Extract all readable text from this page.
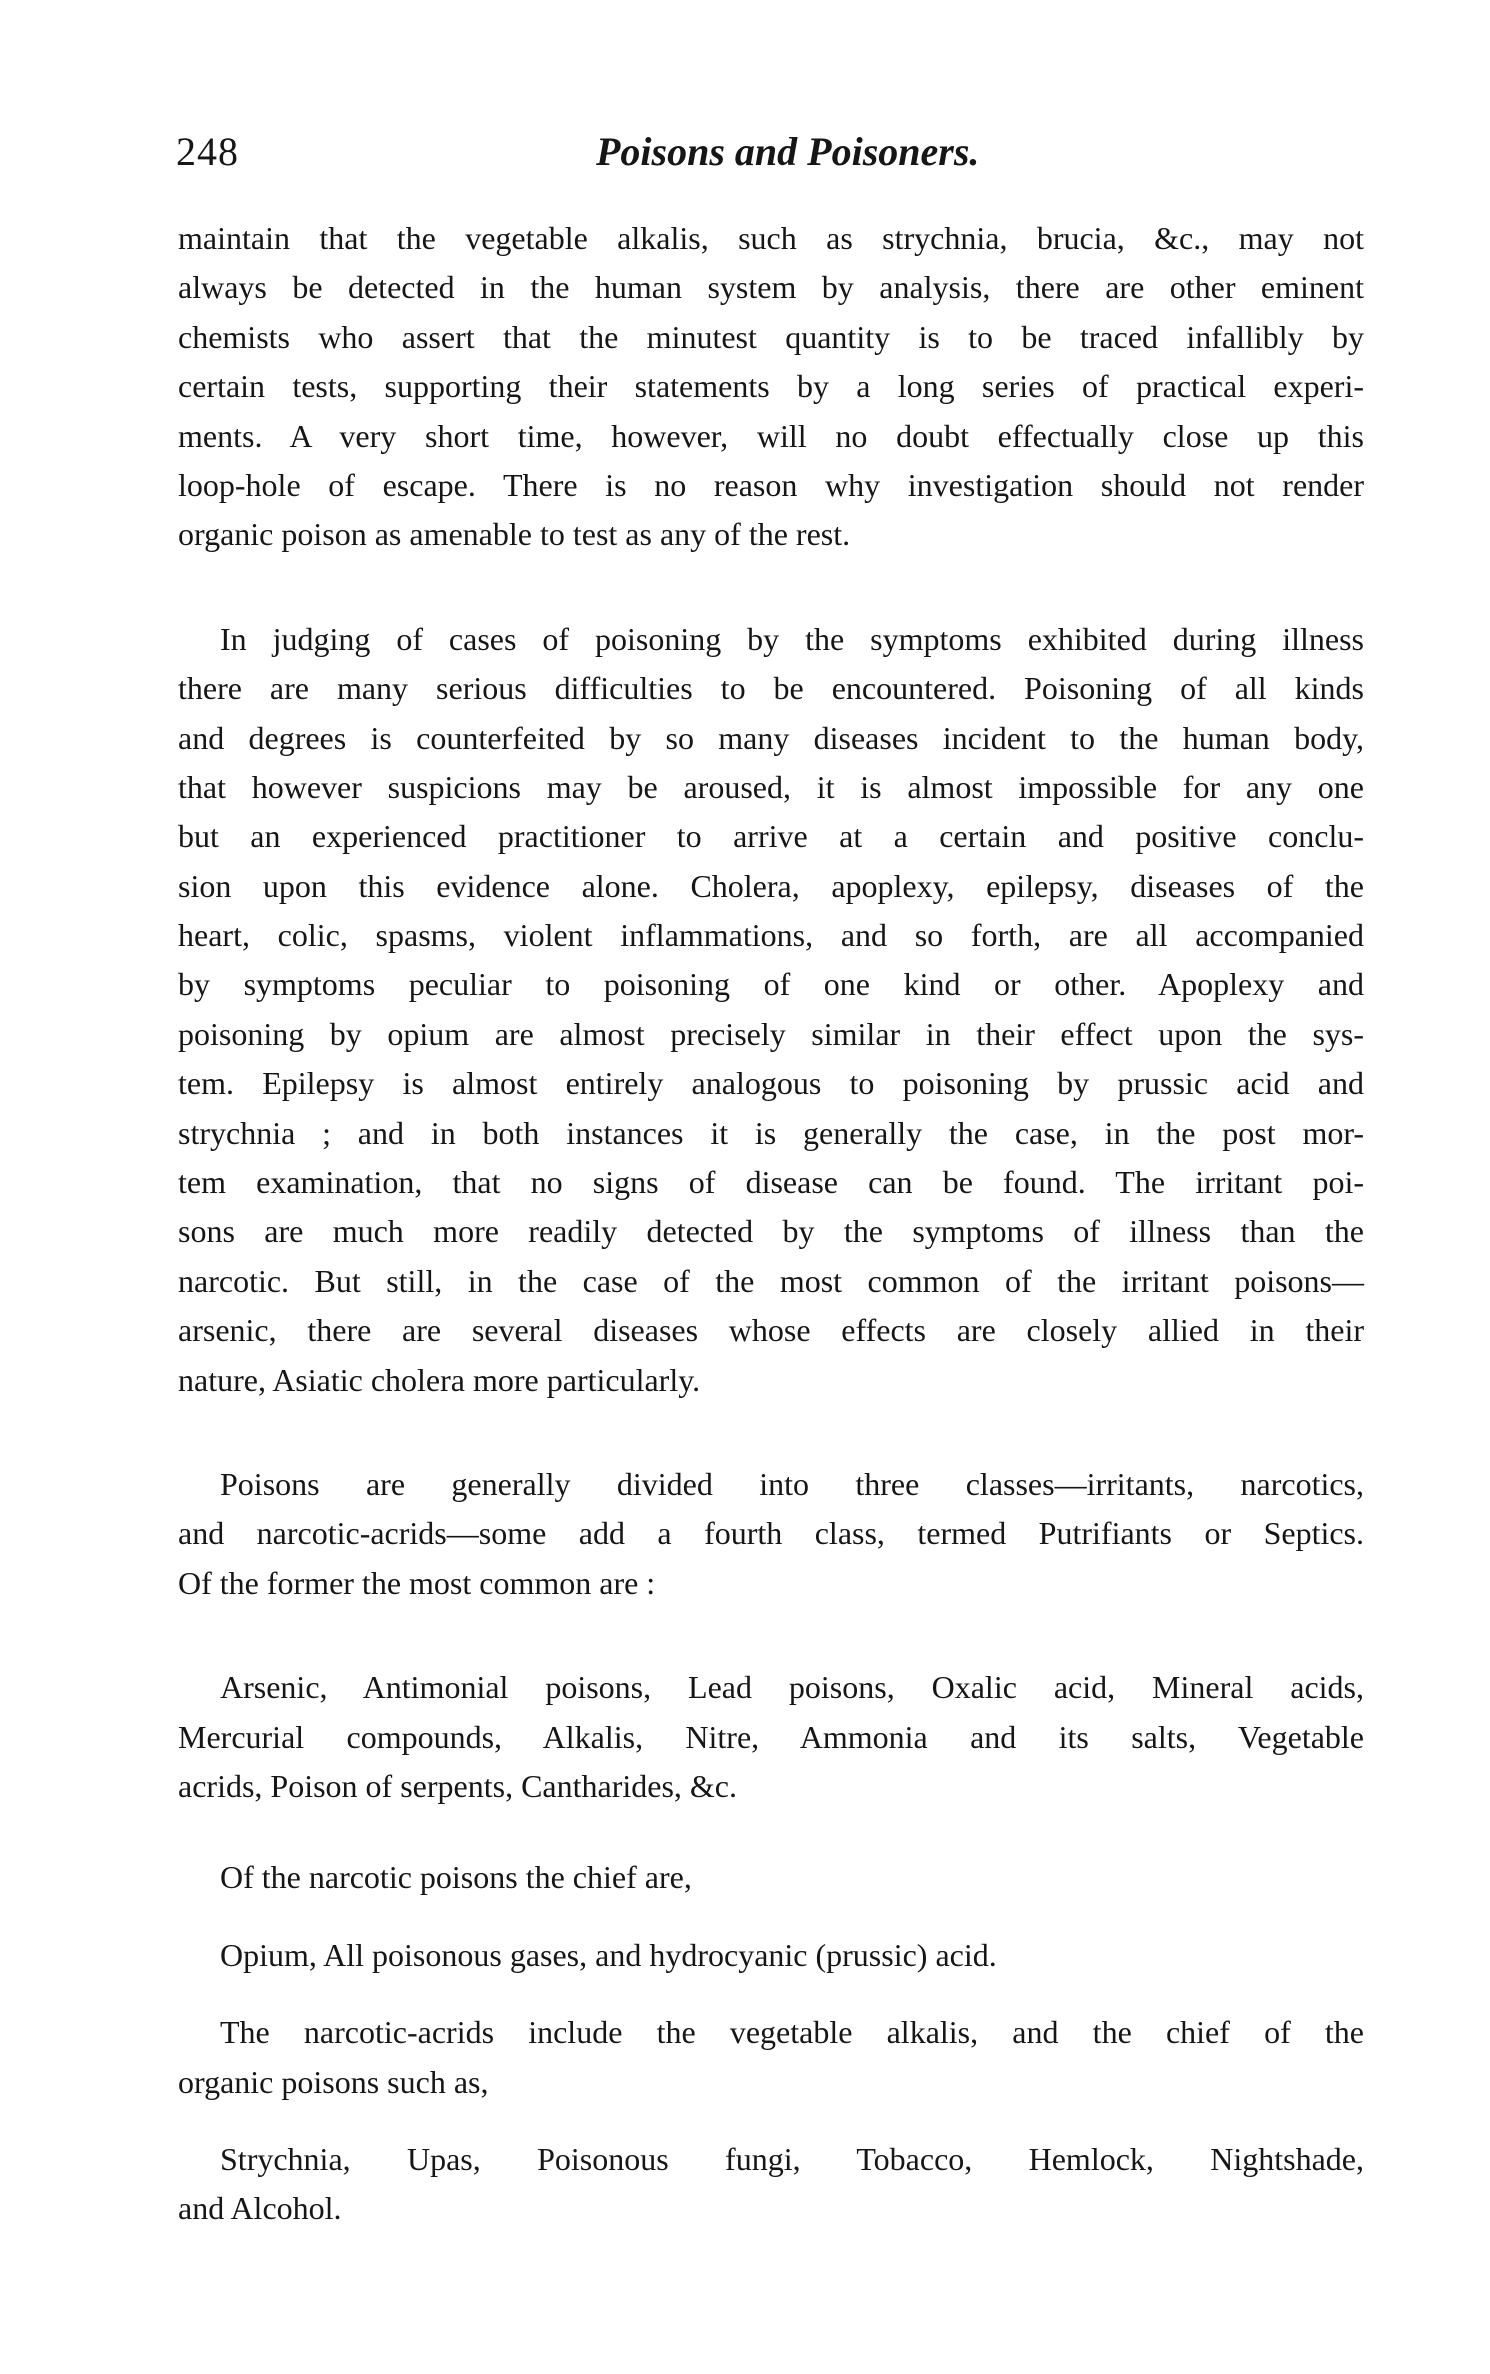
248	Poisons and Poisoners.
maintain that the vegetable alkalis, such as strychnia, brucia, &c., may not
always be detected in the human system by analysis, there are other eminent
chemists who assert that the minutest quantity is to be traced infallibly by
certain tests, supporting their statements by a long series of practical experi-
ments. A very short time, however, will no doubt effectually close up this
loop-hole of escape. There is no reason why investigation should not render
organic poison as amenable to test as any of the rest.
In judging of cases of poisoning by the symptoms exhibited during illness
there are many serious difficulties to be encountered. Poisoning of all kinds
and degrees is counterfeited by so many diseases incident to the human body,
that however suspicions may be aroused, it is almost impossible for any one
but an experienced practitioner to arrive at a certain and positive conclu-
sion upon this evidence alone. Cholera, apoplexy, epilepsy, diseases of the
heart, colic, spasms, violent inflammations, and so forth, are all accompanied
by symptoms peculiar to poisoning of one kind or other. Apoplexy and
poisoning by opium are almost precisely similar in their effect upon the sys-
tem. Epilepsy is almost entirely analogous to poisoning by prussic acid and
strychnia ; and in both instances it is generally the case, in the post mor-
tem examination, that no signs of disease can be found. The irritant poi-
sons are much more readily detected by the symptoms of illness than the
narcotic. But still, in the case of the most common of the irritant poisons—
arsenic, there are several diseases whose effects are closely allied in their
nature, Asiatic cholera more particularly.
Poisons are generally divided into three classes—irritants, narcotics,
and narcotic-acrids—some add a fourth class, termed Putrifiants or Septics.
Of the former the most common are :
Arsenic, Antimonial poisons, Lead poisons, Oxalic acid, Mineral acids,
Mercurial compounds, Alkalis, Nitre, Ammonia and its salts, Vegetable
acrids, Poison of serpents, Cantharides, &c.
Of the narcotic poisons the chief are,
Opium, All poisonous gases, and hydrocyanic (prussic) acid.
The narcotic-acrids include the vegetable alkalis, and the chief of the
organic poisons such as,
Strychnia, Upas, Poisonous fungi, Tobacco, Hemlock, Nightshade,
and Alcohol.
